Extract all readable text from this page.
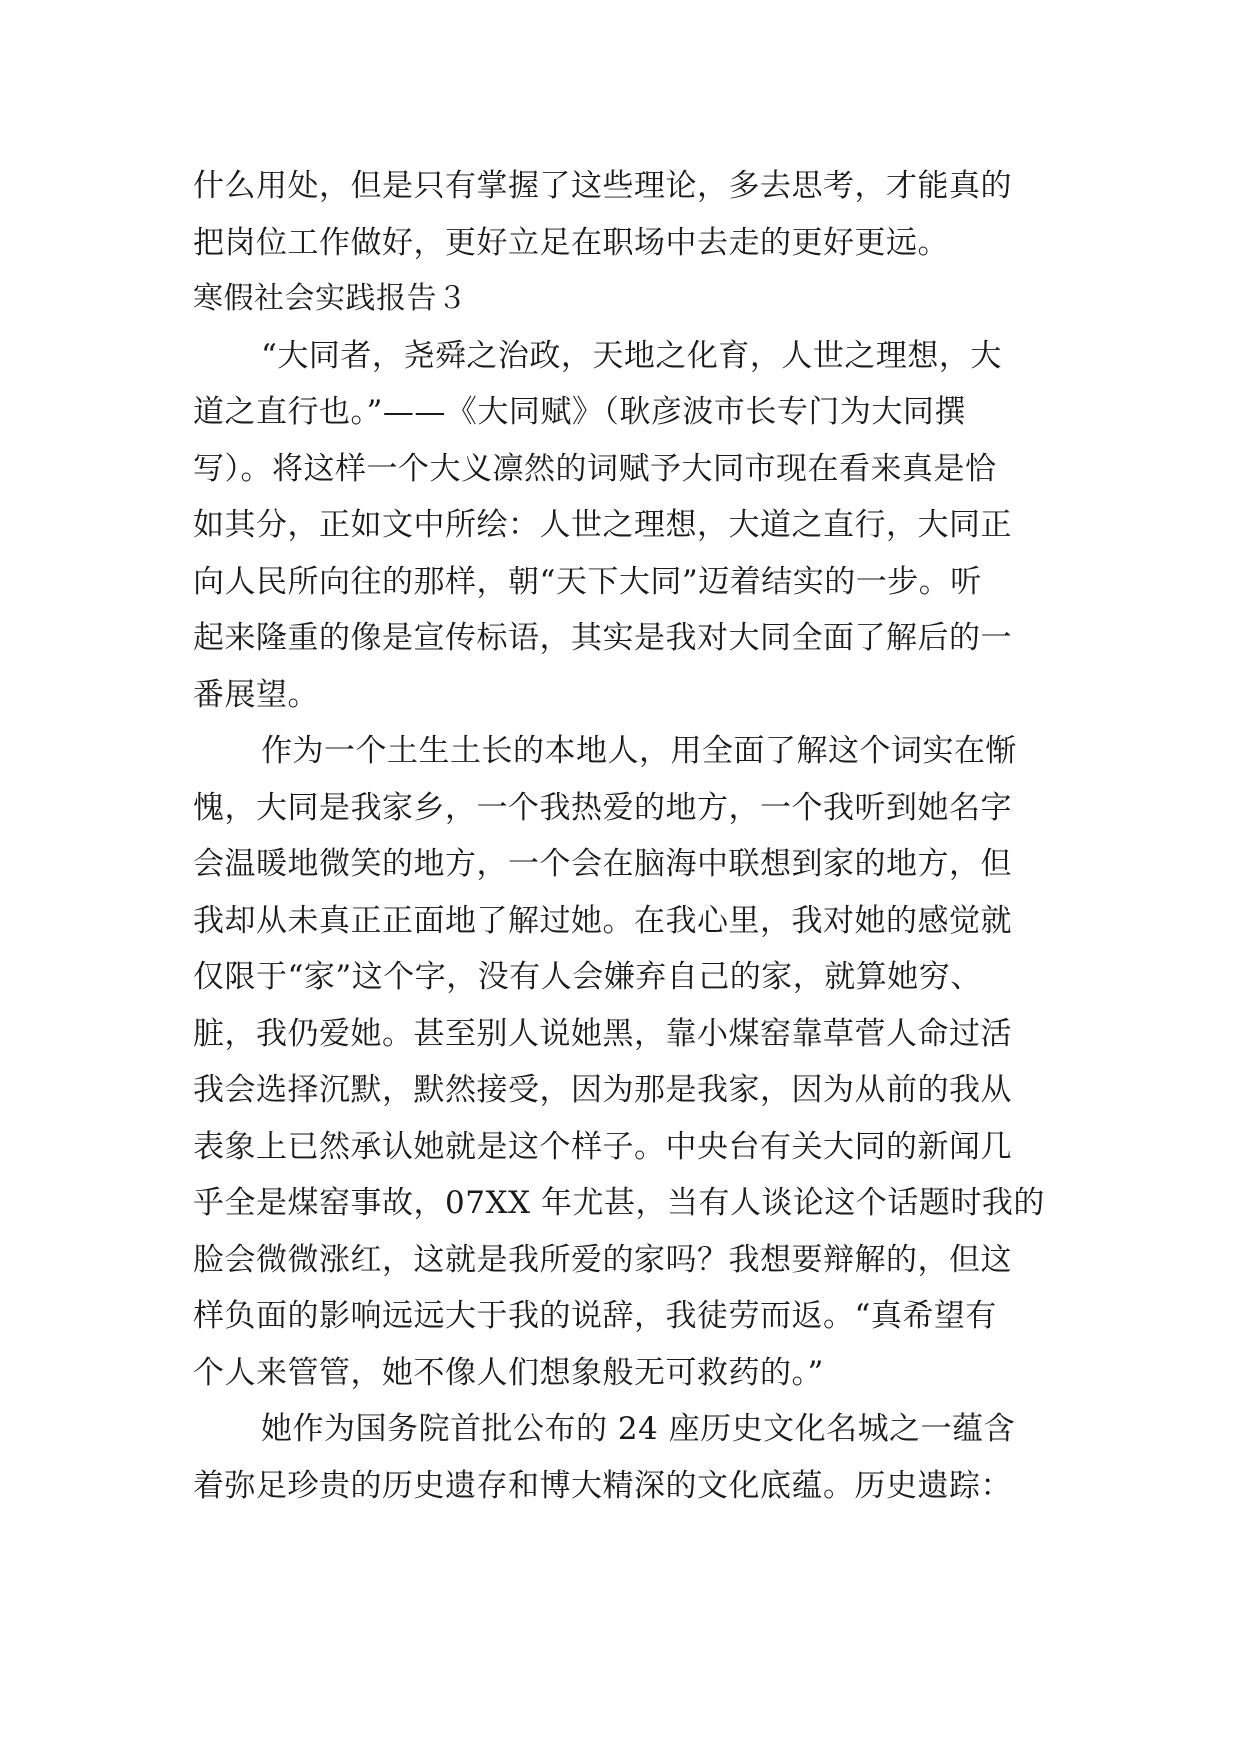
什么用处，但是只有掌握了这些理论，多去思考，才能真的
把岗位工作做好，更好立足在职场中去走的更好更远。
寒假社会实践报告３
“大同者，尧舜之治政，天地之化育，人世之理想，大
道之直行也。”——《大同赋》（耿彦波市长专门为大同撰
写）。将这样一个大义凛然的词赋予大同市现在看来真是恰
如其分，正如文中所绘：人世之理想，大道之直行，大同正
向人民所向往的那样，朝“天下大同”迈着结实的一步。听
起来隆重的像是宣传标语，其实是我对大同全面了解后的一
番展望。
作为一个土生土长的本地人，用全面了解这个词实在惭
愧，大同是我家乡，一个我热爱的地方，一个我听到她名字
会温暖地微笑的地方，一个会在脑海中联想到家的地方，但
我却从未真正正面地了解过她。在我心里，我对她的感觉就
仅限于“家”这个字，没有人会嫌弃自己的家，就算她穷、
脏，我仍爱她。甚至别人说她黑，靠小煤窑靠草菅人命过活
我会选择沉默，默然接受，因为那是我家，因为从前的我从
表象上已然承认她就是这个样子。中央台有关大同的新闻几
乎全是煤窑事故，07XX 年尤甚，当有人谈论这个话题时我的
脸会微微涨红，这就是我所爱的家吗？我想要辩解的，但这
样负面的影响远远大于我的说辞，我徒劳而返。“真希望有
个人来管管，她不像人们想象般无可救药的。”
她作为国务院首批公布的 24 座历史文化名城之一蕴含
着弥足珍贵的历史遗存和博大精深的文化底蕴。历史遗踪：
